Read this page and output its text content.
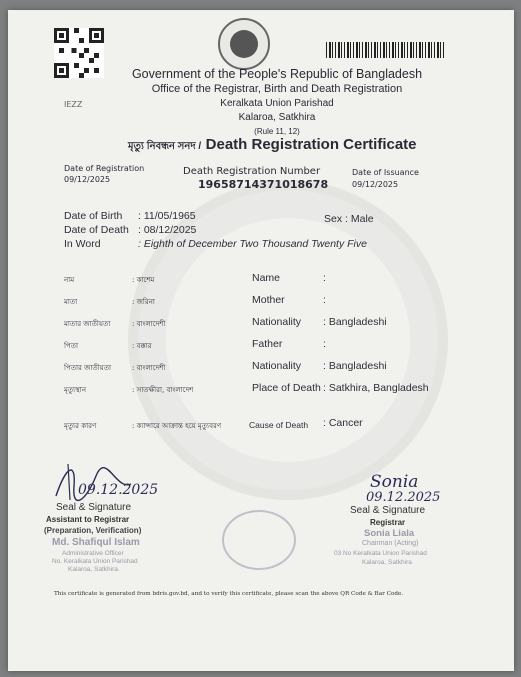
IEZZ
Government of the People's Republic of Bangladesh
Office of the Registrar, Birth and Death Registration
Keralkata Union Parishad
Kalaroa, Satkhira
(Rule 11, 12)
মৃত্যু নিবন্ধন সনদ / Death Registration Certificate
Date of Registration
09/12/2025
Death Registration Number
19658714371018678
Date of Issuance
09/12/2025
Date of Birth : 11/05/1965	Sex : Male
Date of Death : 08/12/2025
In Word	: Eighth of December Two Thousand Twenty Five
নাম	: কাশেম	Name	:
মাতা	: জরিনা	Mother	:
মাতার জাতীয়তা	: বাংলাদেশী	Nationality : Bangladeshi
পিতা	: বক্কার	Father	:
পিতার জাতীয়তা	: বাংলাদেশী	Nationality : Bangladeshi
মৃত্যুস্থান	: সাতক্ষীরা, বাংলাদেশ	Place of Death : Satkhira, Bangladesh
মৃত্যুর কারণ	: ক্যান্সারে আক্রান্ত হয়ে মৃত্যুবরণ	Cause of Death : Cancer
09.12.2025
Seal & Signature
Assistant to Registrar
(Preparation, Verification)
Md. Shafiqul Islam
Administrative Officer
No. Keralkata Union Parishad
Kalaroa, Satkhira.
Sonia
09.12.2025
Seal & Signature
Registrar
Sonia Liala
Chairman (Acting)
03 No Keralkata Union Parishad
Kalaroa, Satkhira
This certificate is generated from bdris.gov.bd, and to verify this certificate, please scan the above QR Code & Bar Code.
